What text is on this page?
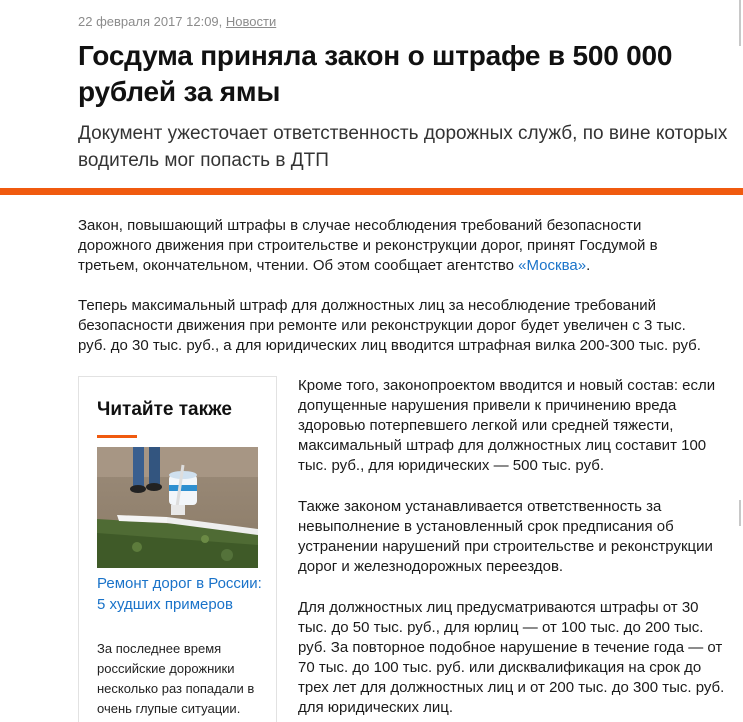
22 февраля 2017 12:09, Новости
Госдума приняла закон о штрафе в 500 000 рублей за ямы

Документ ужесточает ответственность дорожных служб, по вине которых водитель мог попасть в ДТП

Закон, повышающий штрафы в случае несоблюдения требований безопасности дорожного движения при строительстве и реконструкции дорог, принят Госдумой в третьем, окончательном, чтении. Об этом сообщает агентство «Москва».

Теперь максимальный штраф для должностных лиц за несоблюдение требований безопасности движения при ремонте или реконструкции дорог будет увеличен с 3 тыс. руб. до 30 тыс. руб., а для юридических лиц вводится штрафная вилка 200-300 тыс. руб.

Читайте также
Ремонт дорог в России: 5 худших примеров

За последнее время российские дорожники несколько раз попадали в очень глупые ситуации.

Кроме того, законопроектом вводится и новый состав: если допущенные нарушения привели к причинению вреда здоровью потерпевшего легкой или средней тяжести, максимальный штраф для должностных лиц составит 100 тыс. руб., для юридических — 500 тыс. руб.

Также законом устанавливается ответственность за невыполнение в установленный срок предписания об устранении нарушений при строительстве и реконструкции дорог и железнодорожных переездов.

Для должностных лиц предусматриваются штрафы от 30 тыс. до 50 тыс. руб., для юрлиц — от 100 тыс. до 200 тыс. руб. За повторное подобное нарушение в течение года — от 70 тыс. до 100 тыс. руб. или дисквалификация на срок до трех лет для должностных лиц и от 200 тыс. до 300 тыс. руб. для юридических лиц.
